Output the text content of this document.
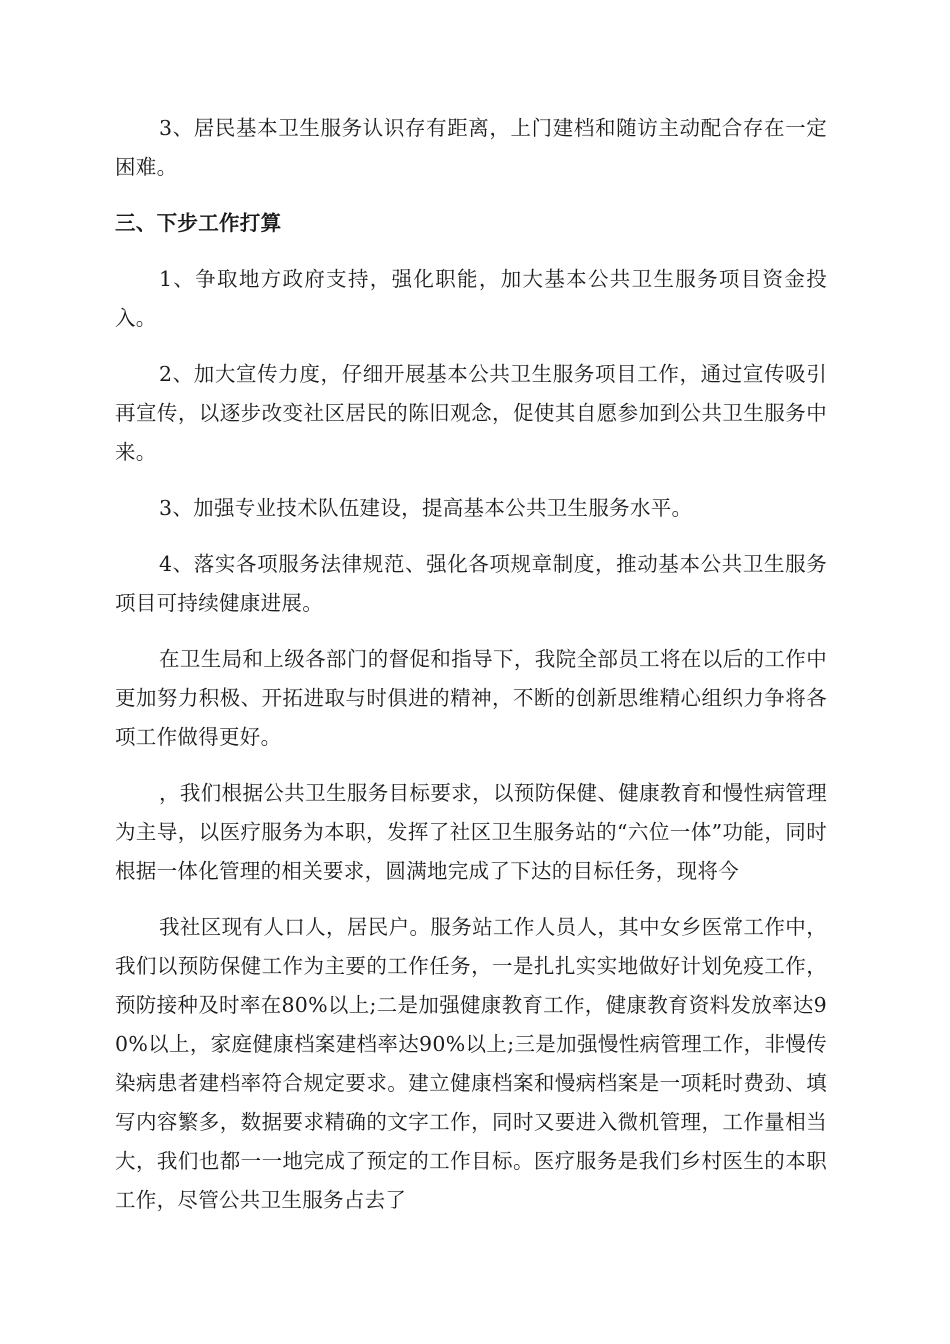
3、居民基本卫生服务认识存有距离，上门建档和随访主动配合存在一定困难。

三、下步工作打算

1、争取地方政府支持，强化职能，加大基本公共卫生服务项目资金投入。

2、加大宣传力度，仔细开展基本公共卫生服务项目工作，通过宣传吸引再宣传，以逐步改变社区居民的陈旧观念，促使其自愿参加到公共卫生服务中来。

3、加强专业技术队伍建设，提高基本公共卫生服务水平。

4、落实各项服务法律规范、强化各项规章制度，推动基本公共卫生服务项目可持续健康进展。

在卫生局和上级各部门的督促和指导下，我院全部员工将在以后的工作中更加努力积极、开拓进取与时俱进的精神，不断的创新思维精心组织力争将各项工作做得更好。

，我们根据公共卫生服务目标要求，以预防保健、健康教育和慢性病管理为主导，以医疗服务为本职，发挥了社区卫生服务站的“六位一体”功能，同时根据一体化管理的相关要求，圆满地完成了下达的目标任务，现将今

我社区现有人口人，居民户。服务站工作人员人，其中女乡医常工作中，我们以预防保健工作为主要的工作任务，一是扎扎实实地做好计划免疫工作，预防接种及时率在80%以上;二是加强健康教育工作，健康教育资料发放率达90%以上，家庭健康档案建档率达90%以上;三是加强慢性病管理工作，非慢传染病患者建档率符合规定要求。建立健康档案和慢病档案是一项耗时费劲、填写内容繁多，数据要求精确的文字工作，同时又要进入微机管理，工作量相当大，我们也都一一地完成了预定的工作目标。医疗服务是我们乡村医生的本职工作，尽管公共卫生服务占去了
